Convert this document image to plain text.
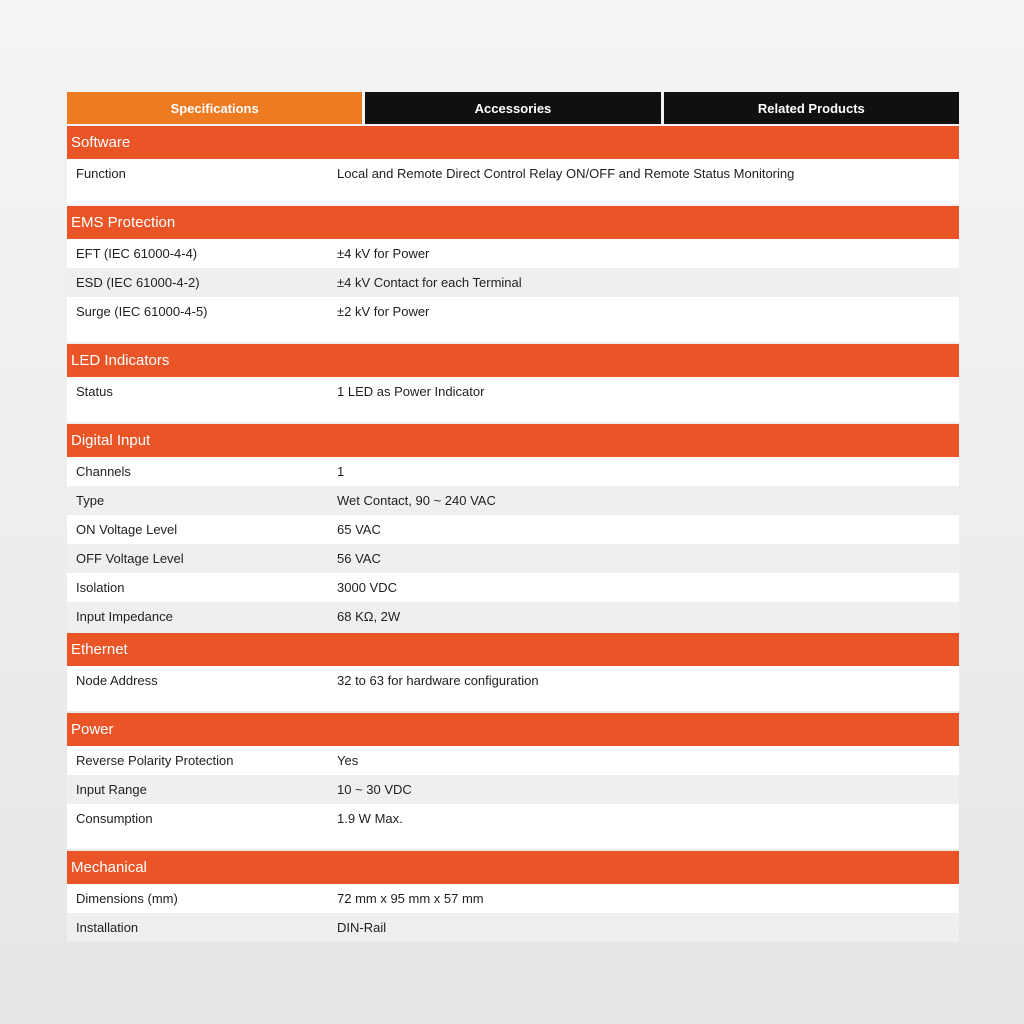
Specifications	Accessories	Related Products
Software
Function	Local and Remote Direct Control Relay ON/OFF and Remote Status Monitoring
EMS Protection
EFT (IEC 61000-4-4)	±4 kV for Power
ESD (IEC 61000-4-2)	±4 kV Contact for each Terminal
Surge (IEC 61000-4-5)	±2 kV for Power
LED Indicators
Status	1 LED as Power Indicator
Digital Input
Channels	1
Type	Wet Contact, 90 ~ 240 VAC
ON Voltage Level	65 VAC
OFF Voltage Level	56 VAC
Isolation	3000 VDC
Input Impedance	68 KΩ, 2W
Ethernet
Node Address	32 to 63 for hardware configuration
Power
Reverse Polarity Protection	Yes
Input Range	10 ~ 30 VDC
Consumption	1.9 W Max.
Mechanical
Dimensions (mm)	72 mm x 95 mm x 57 mm
Installation	DIN-Rail
